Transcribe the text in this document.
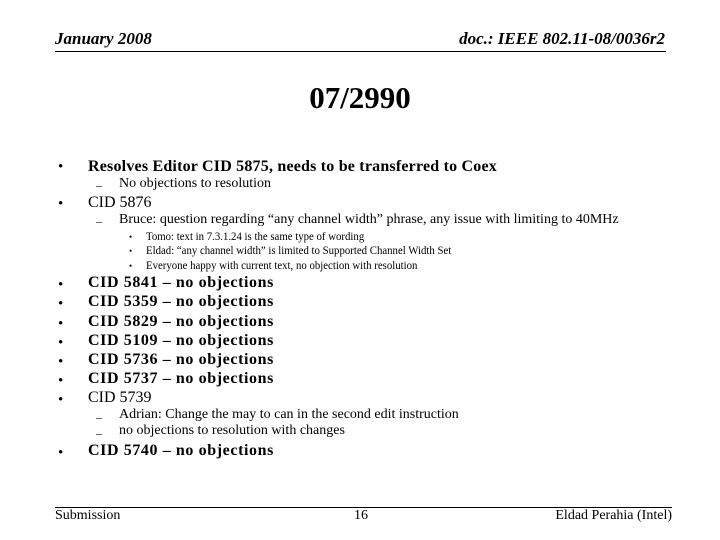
January 2008	doc.: IEEE 802.11-08/0036r2
07/2990
• Resolves Editor CID 5875, needs to be transferred to Coex
– No objections to resolution
• CID 5876
– Bruce: question regarding “any channel width” phrase, any issue with limiting to 40MHz
• Tomo: text in 7.3.1.24 is the same type of wording
• Eldad: “any channel width” is limited to Supported Channel Width Set
• Everyone happy with current text, no objection with resolution
• CID 5841 – no objections
• CID 5359 – no objections
• CID 5829 – no objections
• CID 5109 – no objections
• CID 5736 – no objections
• CID 5737 – no objections
• CID 5739
– Adrian: Change the may to can in the second edit instruction
– no objections to resolution with changes
• CID 5740 – no objections
Submission	16	Eldad Perahia (Intel)
